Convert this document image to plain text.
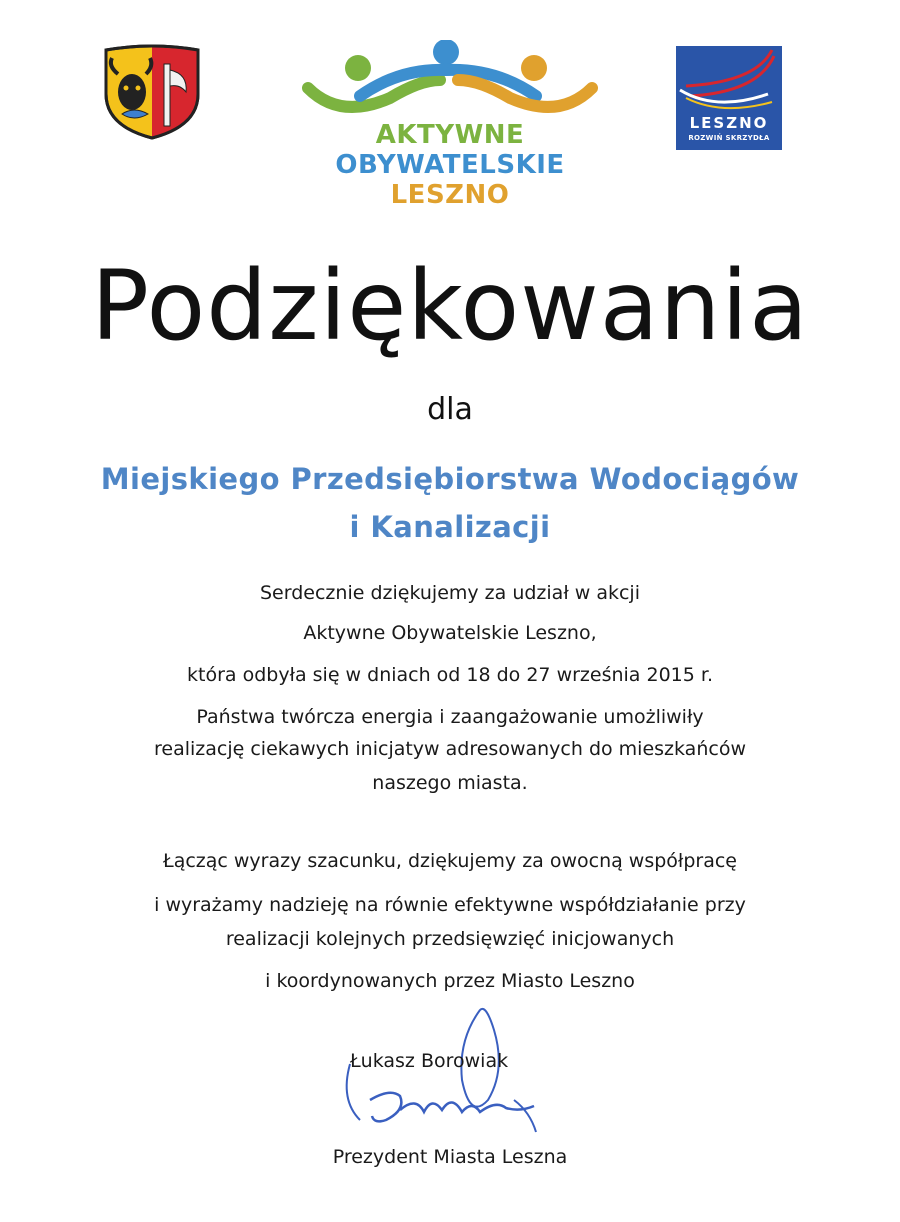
AKTYWNE
OBYWATELSKIE
LESZNO
LESZNO
ROZWIŃ SKRZYDŁA
Podziękowania
dla
Miejskiego Przedsiębiorstwa Wodociągów
i Kanalizacji
Serdecznie dziękujemy za udział w akcji
Aktywne Obywatelskie Leszno,
która odbyła się w dniach od 18 do 27 września 2015 r.
Państwa twórcza energia i zaangażowanie umożliwiły
realizację ciekawych inicjatyw adresowanych do mieszkańców
naszego miasta.
Łącząc wyrazy szacunku, dziękujemy za owocną współpracę
i wyrażamy nadzieję na równie efektywne współdziałanie przy
realizacji kolejnych przedsięwzięć inicjowanych
i koordynowanych przez Miasto Leszno
Łukasz Borowiak
Prezydent Miasta Leszna
